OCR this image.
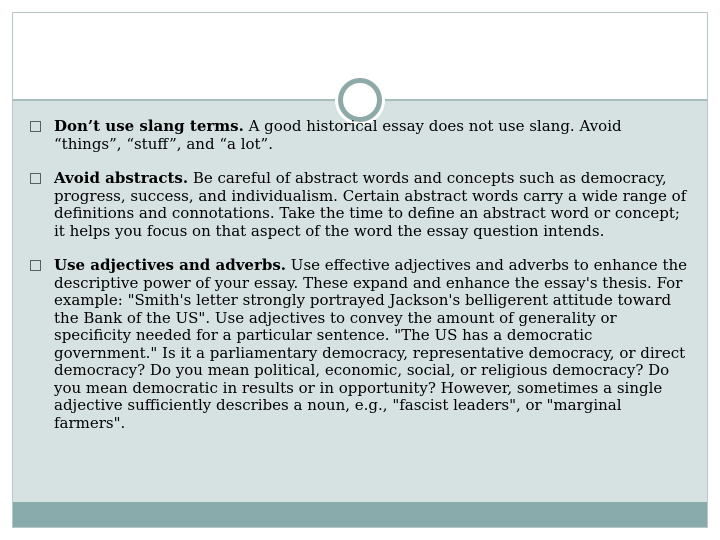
Don’t use slang terms. A good historical essay does not use slang. Avoid “things”, “stuff”, and “a lot”.
Avoid abstracts. Be careful of abstract words and concepts such as democracy, progress, success, and individualism. Certain abstract words carry a wide range of definitions and connotations. Take the time to define an abstract word or concept; it helps you focus on that aspect of the word the essay question intends.
Use adjectives and adverbs. Use effective adjectives and adverbs to enhance the descriptive power of your essay. These expand and enhance the essay's thesis. For example: "Smith's letter strongly portrayed Jackson's belligerent attitude toward the Bank of the US". Use adjectives to convey the amount of generality or specificity needed for a particular sentence. "The US has a democratic government." Is it a parliamentary democracy, representative democracy, or direct democracy? Do you mean political, economic, social, or religious democracy? Do you mean democratic in results or in opportunity? However, sometimes a single adjective sufficiently describes a noun, e.g., "fascist leaders", or "marginal farmers".
